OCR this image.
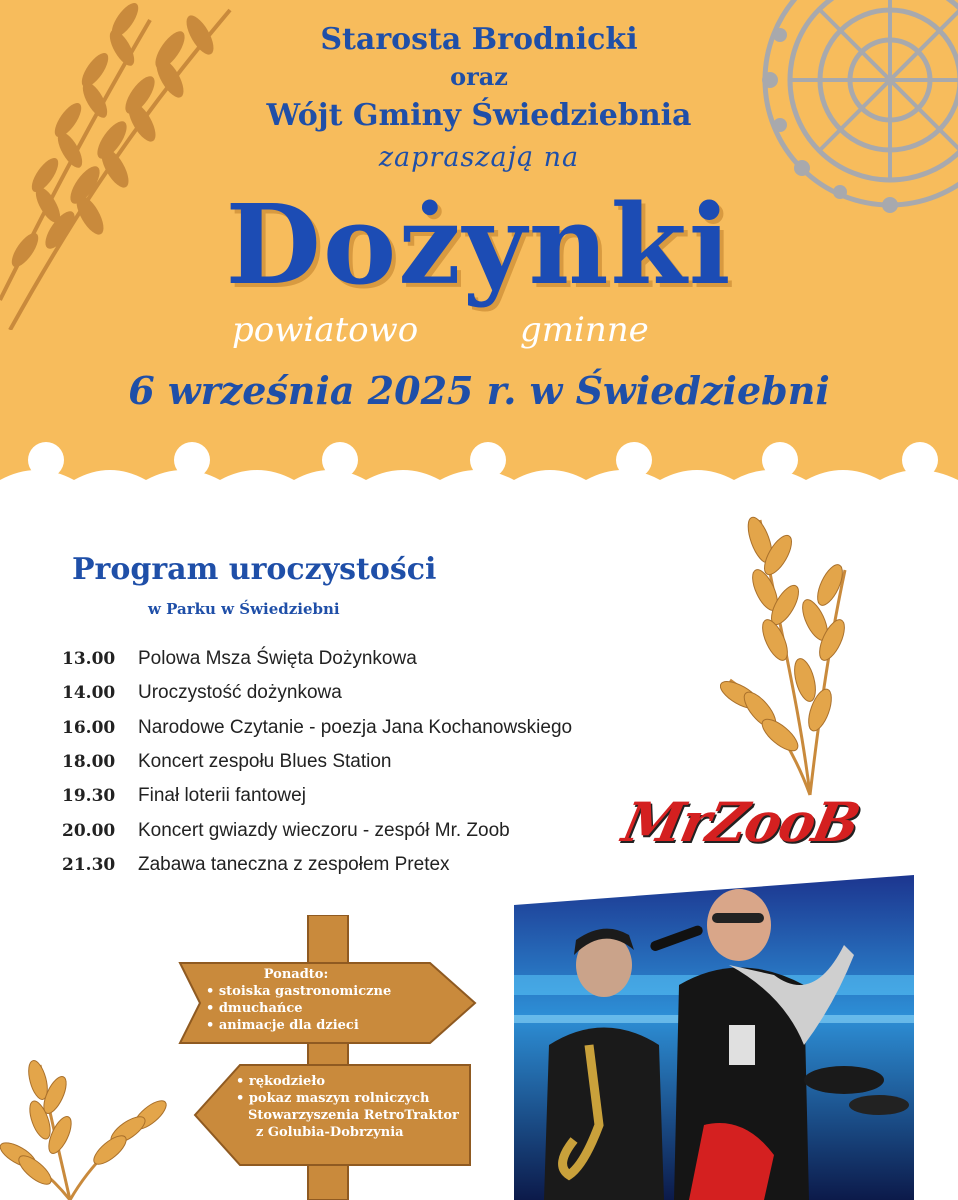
Starosta Brodnicki
oraz
Wójt Gminy Świedziebnia
zapraszają na
Dożynki
powiatowo	gminne
6 września 2025 r. w Świedziebni
Program uroczystości
w Parku w Świedziebni
13.00	Polowa Msza Święta Dożynkowa
14.00	Uroczystość dożynkowa
16.00	Narodowe Czytanie - poezja Jana Kochanowskiego
18.00	Koncert zespołu Blues Station
19.30	Finał loterii fantowej
20.00	Koncert gwiazdy wieczoru - zespół Mr. Zoob
21.30	Zabawa taneczna z zespołem Pretex
Ponadto:
• stoiska gastronomiczne
• dmuchańce
• animacje dla dzieci
• rękodzieło
• pokaz maszyn rolniczych
Stowarzyszenia RetroTraktor
z Golubia-Dobrzynia
MrZooB
